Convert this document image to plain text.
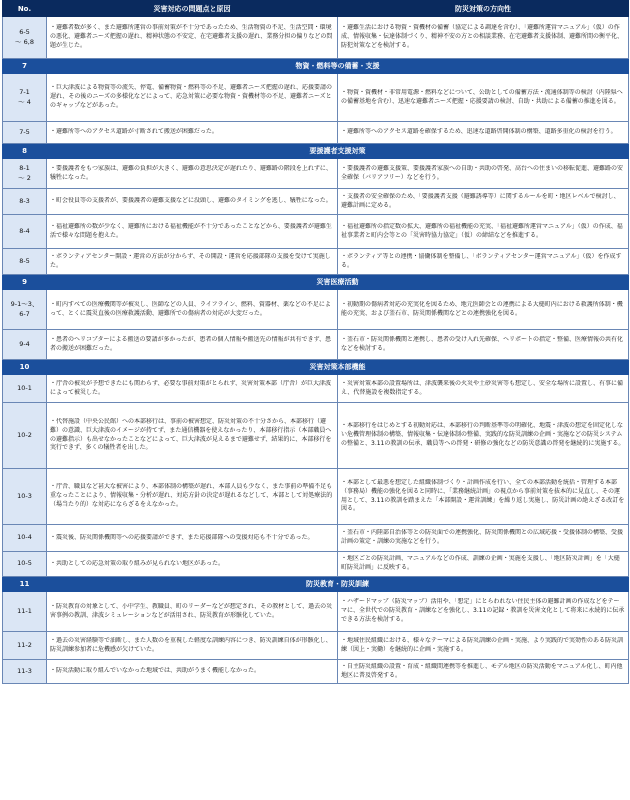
No.	災害対応の問題点と原因	防災対策の方向性

6-5
～ 6,8	・避難者数が多く、また避難所運営の事前対策が不十分であったため、生活物資の不足、生活空間・環境の悪化、避難者ニーズ把握の遅れ、精神状態の不安定、在宅避難者支援の遅れ、業務分担の偏りなどの問題が生じた。	・避難生活における物資・資機材の備蓄（協定による調達を含む）、「避難所運営マニュアル」（仮）の作成、情報収集・伝達体制づくり、精神不安の方との相談業務、在宅避難者支援体制、避難所間の衡平化、防犯対策などを検討する。

7	物資・燃料等の備蓄・支援	

7-1
～ 4	・巨大津波による物資等の流失、停電、備蓄物資・燃料等の不足、避難者ニーズ把握の遅れ、応援要請の遅れ、その後のニーズの多様化などによって、応急対策に必要な物資・資機材等の不足、避難者ニーズとのギャップなどがあった。	・物資・資機材・非常用電源・燃料などについて、公助としての備蓄方法・流通体制等の検討（内陸県への備蓄基地を含む）、迅速な避難者ニーズ把握・応援要請の検討、自助・共助による備蓄の推進を図る。

7-5	・避難所等へのアクセス道路が寸断されて搬送が困難だった。	・避難所等へのアクセス道路を確保するため、迅速な道路啓開体制の構築、道路多重化の検討を行う。

8	要援護者支援対策	

8-1
～ 2	・要援護者をもつ家族は、避難の負担が大きく、避難の意思決定が遅れたり、避難路の階段を上れずに、犠牲になった。	・要援護者の避難支援策、要援護者家族への自助・共助の啓発、高台への住まいの移転促進、避難路の安全確保（バリアフリー）などを行う。

8-3	・町会役員等の支援者が、要援護者の避難支援などに没頭し、避難のタイミングを逃し、犠牲になった。	・支援者の安全確保のため、「要援護者支援（避難誘導等）に関するルールを町・地区レベルで検討し、避難計画に定める。

8-4	・福祉避難所の数が少なく、避難所における福祉機能が不十分であったことなどから、要援護者が避難生活で様々な問題を抱えた。	・福祉避難所の指定数の拡大、避難所の福祉機能の充実、「福祉避難所運営マニュアル」（仮）の作成、福祉事業者と町内会等との「災害時協力協定」（仮）の締結などを推進する。

8-5	・ボランティアセンター開設・運営の方法が分からず、その開設・運営を応援部隊の支援を受けて実施した。	・ボランティア等との連携・協働体制を整備し、「ボランティアセンター運営マニュアル」（仮）を作成する。

9	災害医療活動	

9-1～3、
6-7	・町内すべての医療機関等が被災し、医師などの人員、ライフライン、燃料、資器材、薬などの不足によって、とくに震災直後の医療救護活動、避難所での傷病者の対応が大変だった。	・初動期の傷病者対応の充実化を図るため、地元医師会との連携による大槌町内における救護所体制・機能の充実、および釜石市、防災関係機関などとの連携強化を図る。

9-4	・患者のヘリコプターによる搬送の要請が多かったが、患者の個人情報や搬送先の情報が共有できず、患者の搬送が困難だった。	・釜石市・防災関係機関と連携し、患者の受け入れ先確保、ヘリポートの指定・整備、医療情報の共有化などを検討する。

10	災害対策本部機能	

10-1	・庁舎の被災が予想できたにも関わらず、必要な事前対策がとられず、災害対策本部（庁舎）が巨大津波によって被災した。	・災害対策本部の設置場所は、津波襲来後の火災や土砂災害等も想定し、安全な場所に設置し、有事に備え、代替施設を複数指定する。

10-2	・代替施設（中央公民館）への本部移行は、事前の被害想定、防災対策の不十分さから、本部移行（避難）の意識、巨大津波のイメージが持てず、また通信機器を使えなかったり、本部移行指示（本部職員への避難指示）も出せなかったことなどによって、巨大津波が見えるまで避難せず、結果的に、本部移行を実行できず、多くの犠牲者を出した。	・本部移行をはじめとする初動対応は、本部移行の判断基準等の明確化、地震・津波の想定を固定化しない危機管理体制の構築、情報収集・伝達体制の整備、実践的な防災訓練の企画・実施などの防災システムの整備と、3.11の教訓の伝承、職員等への啓発・研修の強化などの防災意識の啓発を継続的に実施する。

10-3	・庁舎、職員など甚大な被害により、本部体制の構築が遅れ、本部人員も少なく、また事前の準備不足も重なったことにより、情報収集・分析が遅れ、対応方針の決定が遅れるなどして、本部として対処療法的（場当たり的）な対応にならざるをえなかった。	・本部として最悪を想定した組織体制づくり・計画作成を行い、全ての本部活動を統括・管理する本部（事務局）機能の強化を図ると同時に、「業務継続計画」の視点から事前対策を抜本的に見直し、その運用として、3.11の教訓を踏まえた「本部開設・運営訓練」を繰り返し実施し、防災計画の絶えざる改訂を図る。

10-4	・震災後、防災関係機関等への応援要請ができず、また応援部隊への受援対応も不十分であった。	・釜石市・内陸部自治体等との防災面での連携強化、防災関係機関との広域応援・受援体制の構築、受援計画の策定・訓練の実施などを行う。

10-5	・共助としての応急対策の取り組みが見られない地区があった。	・地区ごとの防災計画、マニュアルなどの作成、訓練の企画・実施を支援し、「地区防災計画」を「大槌町防災計画」に反映する。

11	防災教育・防災訓練	

11-1	・防災教育の対象として、小中学生、教職員、町のリーダーなどが想定され、その教材として、過去の災害事例の教訓、津波シミュレーションなどが活用され、防災教育が形骸化していた。	・ハザードマップ（防災マップ）活用や、「想定」にとらわれない住民主体の避難計画の作成などをテーマに、全世代での防災教育・訓練などを強化し、3.11の記録・教訓を災害文化として将来に永続的に伝承できる方法を検討する。

11-2	・過去の災害経験等で油断し、また人数のを重視した軽度な訓練内容につき、防災訓練自体が形骸化し、防災訓練参加者に危機感が欠けていた。	・地域住民組織における、様々なテーマによる防災訓練の企画・実施、より実践的で実効性のある防災訓練（図上・実働）を継続的に企画・実施する。

11-3	・防災活動に取り組んでいなかった地域では、共助がうまく機能しなかった。	・自主防災組織の設置・育成・組織間連携等を推進し、モデル地区の防災活動をマニュアル化し、町内他地区に普及啓発する。
